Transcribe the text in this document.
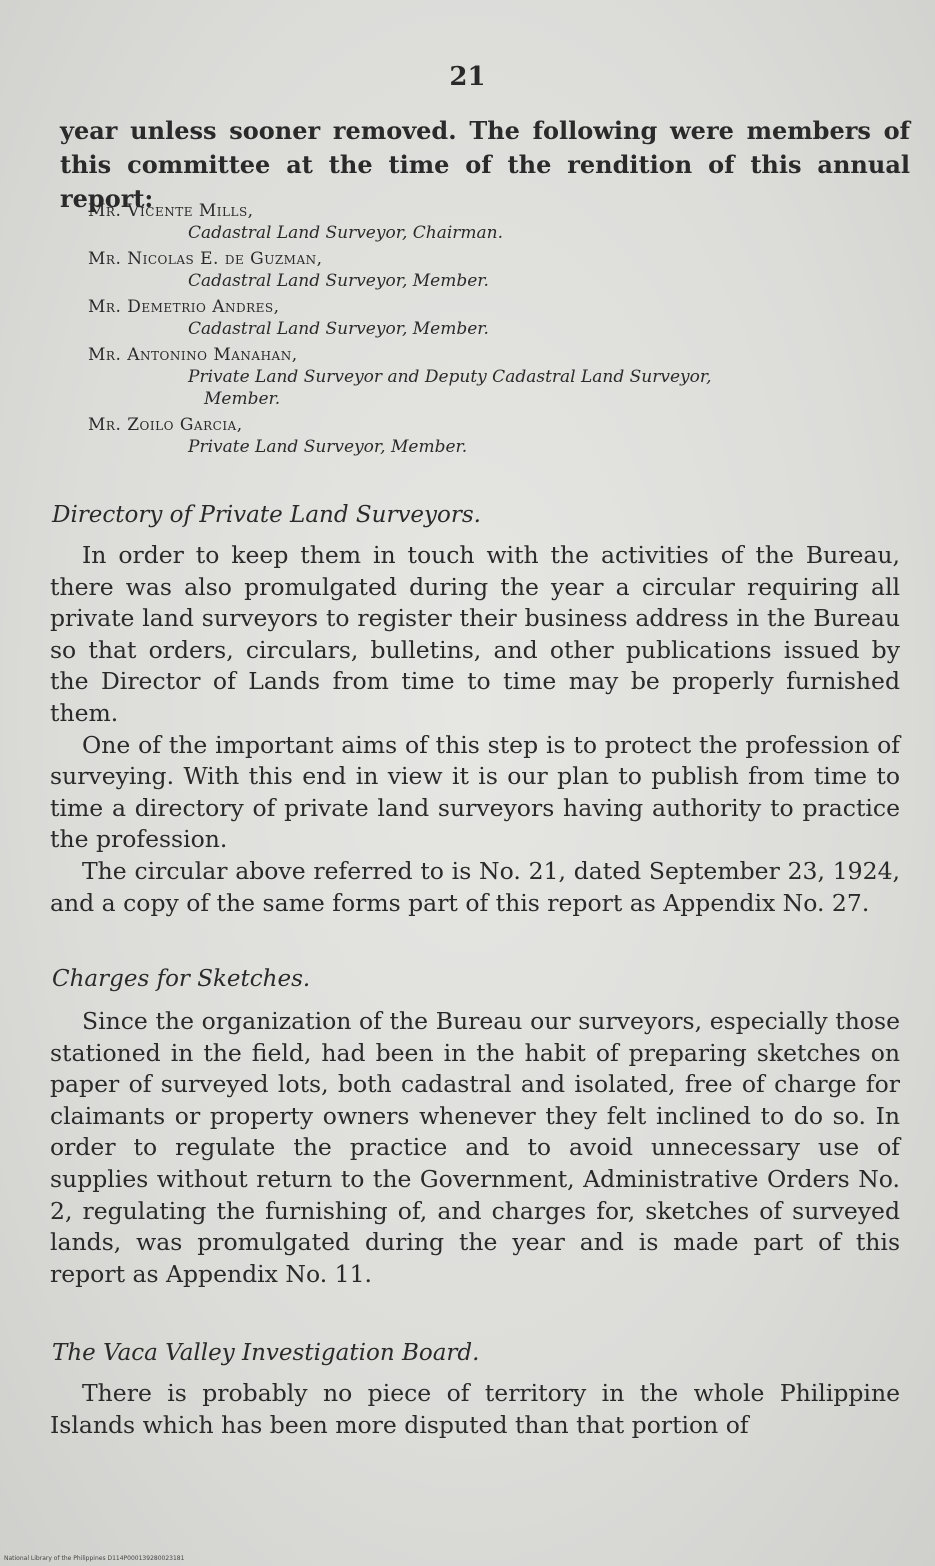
21

year unless sooner removed. The following were members of this committee at the time of the rendition of this annual report:

Mr. Vicente Mills,
Cadastral Land Surveyor, Chairman.
Mr. Nicolas E. de Guzman,
Cadastral Land Surveyor, Member.
Mr. Demetrio Andres,
Cadastral Land Surveyor, Member.
Mr. Antonino Manahan,
Private Land Surveyor and Deputy Cadastral Land Surveyor,
Member.
Mr. Zoilo Garcia,
Private Land Surveyor, Member.
Directory of Private Land Surveyors.

In order to keep them in touch with the activities of the Bureau, there was also promulgated during the year a circular requiring all private land surveyors to register their business address in the Bureau so that orders, circulars, bulletins, and other publications issued by the Director of Lands from time to time may be properly furnished them.

One of the important aims of this step is to protect the profession of surveying. With this end in view it is our plan to publish from time to time a directory of private land surveyors having authority to practice the profession.

The circular above referred to is No. 21, dated September 23, 1924, and a copy of the same forms part of this report as Appendix No. 27.

Charges for Sketches.

Since the organization of the Bureau our surveyors, especially those stationed in the field, had been in the habit of preparing sketches on paper of surveyed lots, both cadastral and isolated, free of charge for claimants or property owners whenever they felt inclined to do so. In order to regulate the practice and to avoid unnecessary use of supplies without return to the Government, Administrative Orders No. 2, regulating the furnishing of, and charges for, sketches of surveyed lands, was promulgated during the year and is made part of this report as Appendix No. 11.

The Vaca Valley Investigation Board.

There is probably no piece of territory in the whole Philippine Islands which has been more disputed than that portion of

National Library of the Philippines D114P000139280023181
